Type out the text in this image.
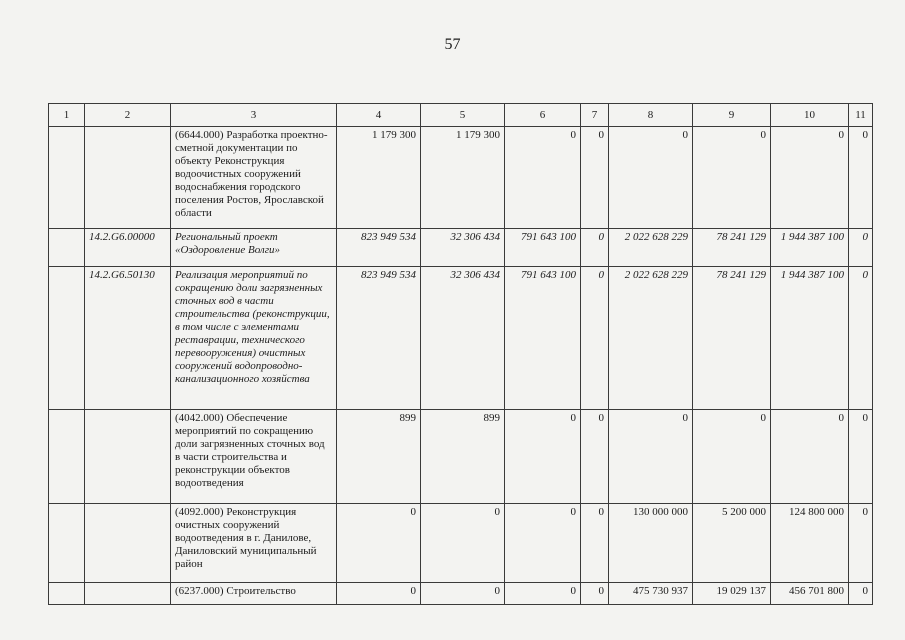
57
1	2	3	4	5	6	7	8	9	10	11
		(6644.000) Разработка проектно-сметной документации по объекту Реконструкция водоочистных сооружений водоснабжения городского поселения Ростов, Ярославской области	1 179 300	1 179 300	0	0	0	0	0	0
	14.2.G6.00000	Региональный проект «Оздоровление Волги»	823 949 534	32 306 434	791 643 100	0	2 022 628 229	78 241 129	1 944 387 100	0
	14.2.G6.50130	Реализация мероприятий по сокращению доли загрязненных сточных вод в части строительства (реконструкции, в том числе с элементами реставрации, технического перевооружения) очистных сооружений водопроводно-канализационного хозяйства	823 949 534	32 306 434	791 643 100	0	2 022 628 229	78 241 129	1 944 387 100	0
		(4042.000) Обеспечение мероприятий по сокращению доли загрязненных сточных вод в части строительства и реконструкции объектов водоотведения	899	899	0	0	0	0	0	0
		(4092.000) Реконструкция очистных сооружений водоотведения в г. Данилове, Даниловский муниципальный район	0	0	0	0	130 000 000	5 200 000	124 800 000	0
		(6237.000) Строительство	0	0	0	0	475 730 937	19 029 137	456 701 800	0
